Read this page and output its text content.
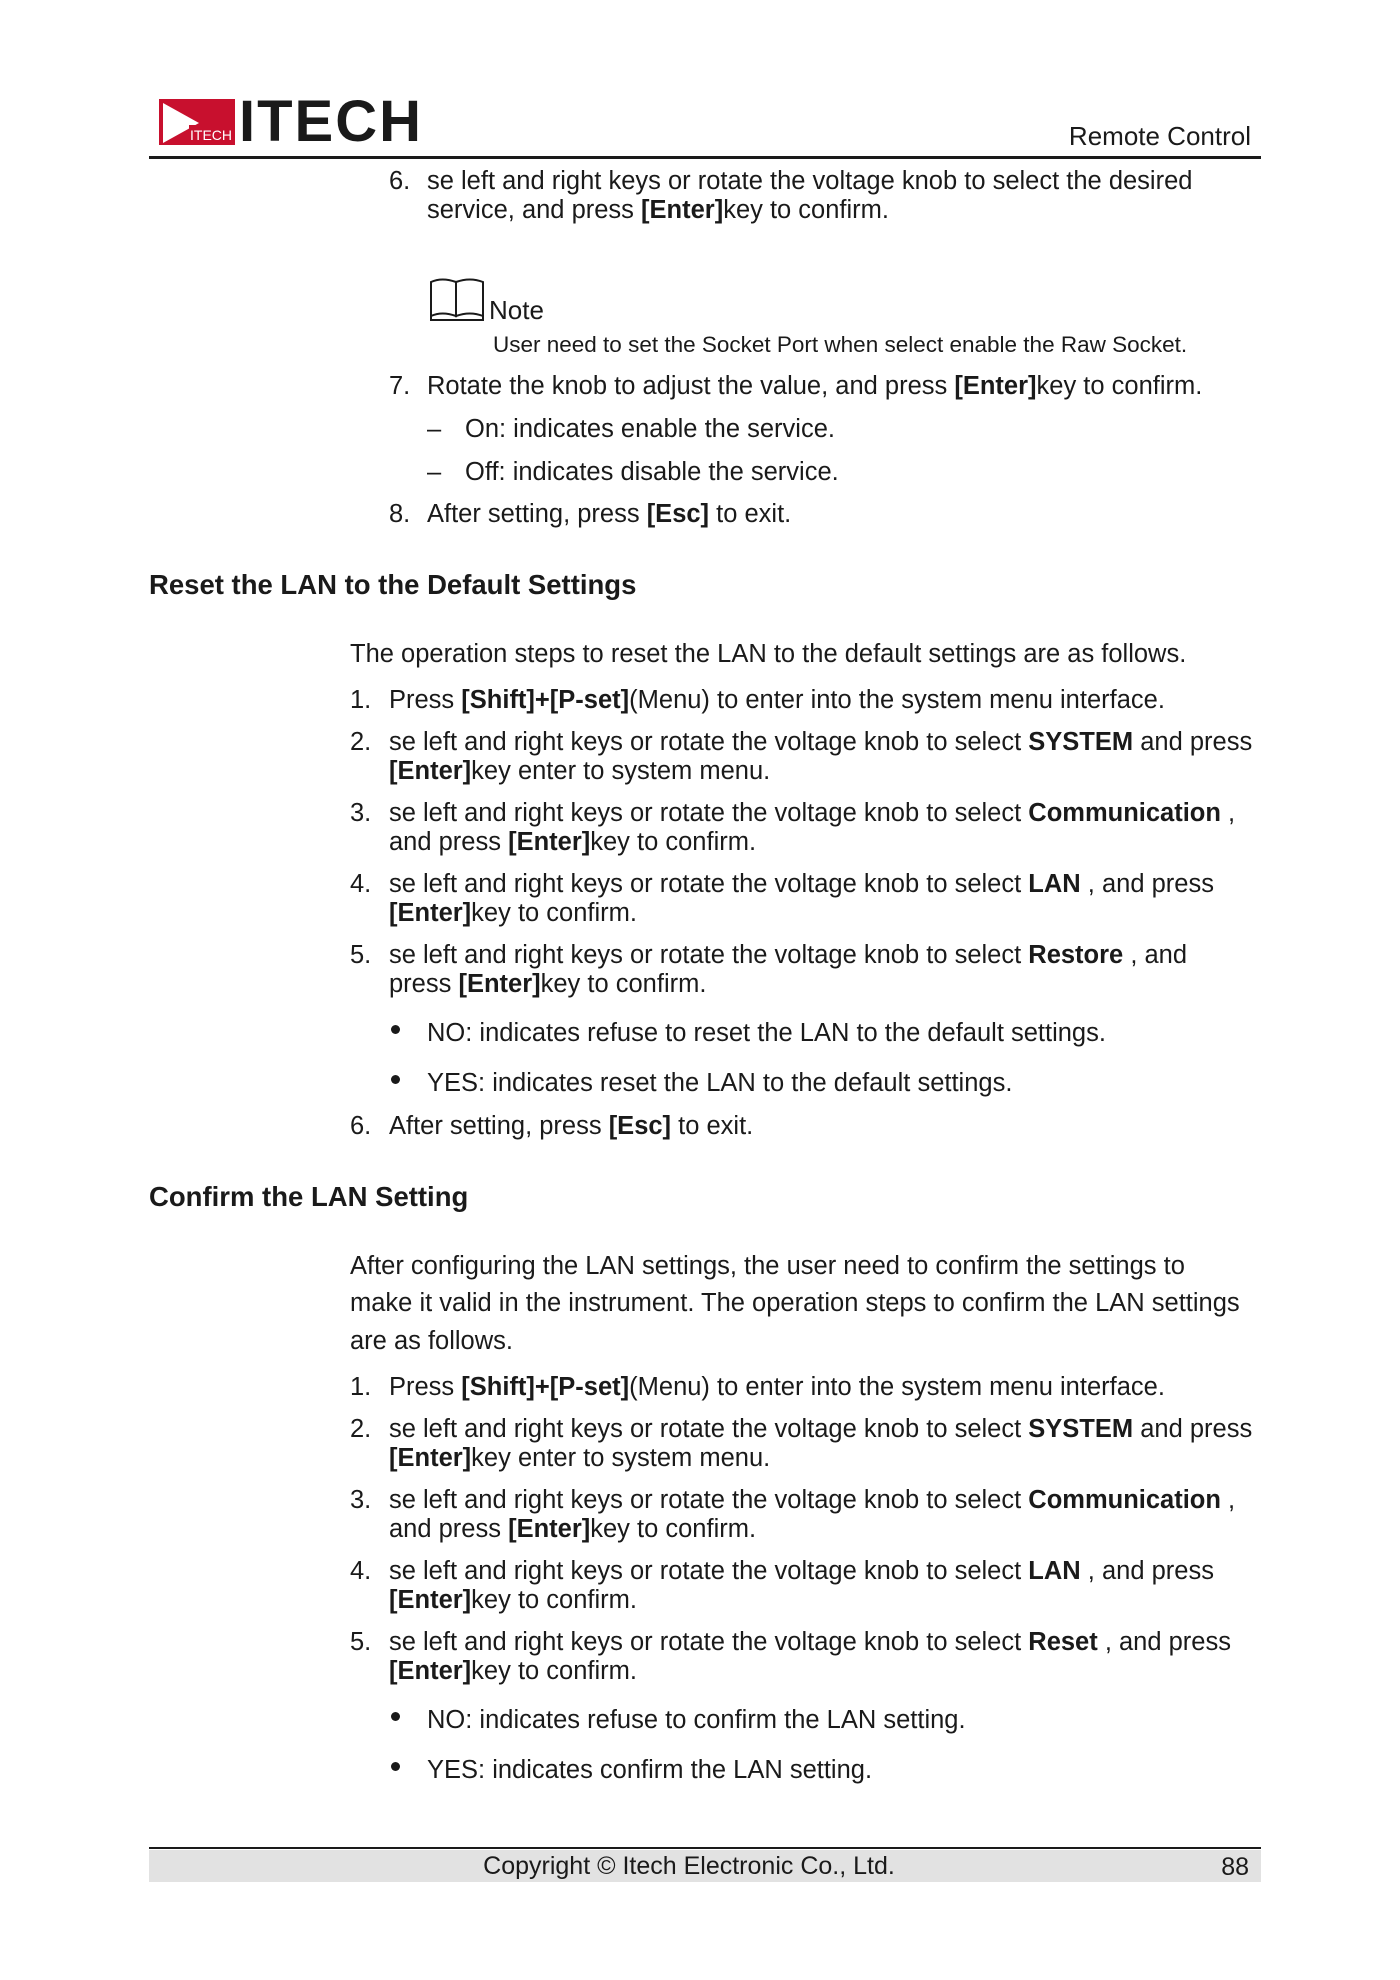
ITECH ITECH	Remote Control
6. se left and right keys or rotate the voltage knob to select the desired
service, and press [Enter]key to confirm.
Note
User need to set the Socket Port when select enable the Raw Socket.
7. Rotate the knob to adjust the value, and press [Enter]key to confirm.
– On: indicates enable the service.
– Off: indicates disable the service.
8. After setting, press [Esc] to exit.
Reset the LAN to the Default Settings
The operation steps to reset the LAN to the default settings are as follows.
1. Press [Shift]+[P-set](Menu) to enter into the system menu interface.
2. se left and right keys or rotate the voltage knob to select SYSTEM and press
[Enter]key enter to system menu.
3. se left and right keys or rotate the voltage knob to select Communication ,
and press [Enter]key to confirm.
4. se left and right keys or rotate the voltage knob to select LAN , and press
[Enter]key to confirm.
5. se left and right keys or rotate the voltage knob to select Restore , and
press [Enter]key to confirm.
NO: indicates refuse to reset the LAN to the default settings.
YES: indicates reset the LAN to the default settings.
6. After setting, press [Esc] to exit.
Confirm the LAN Setting
After configuring the LAN settings, the user need to confirm the settings to
make it valid in the instrument. The operation steps to confirm the LAN settings
are as follows.
1. Press [Shift]+[P-set](Menu) to enter into the system menu interface.
2. se left and right keys or rotate the voltage knob to select SYSTEM and press
[Enter]key enter to system menu.
3. se left and right keys or rotate the voltage knob to select Communication ,
and press [Enter]key to confirm.
4. se left and right keys or rotate the voltage knob to select LAN , and press
[Enter]key to confirm.
5. se left and right keys or rotate the voltage knob to select Reset , and press
[Enter]key to confirm.
NO: indicates refuse to confirm the LAN setting.
YES: indicates confirm the LAN setting.
Copyright © Itech Electronic Co., Ltd.	88
